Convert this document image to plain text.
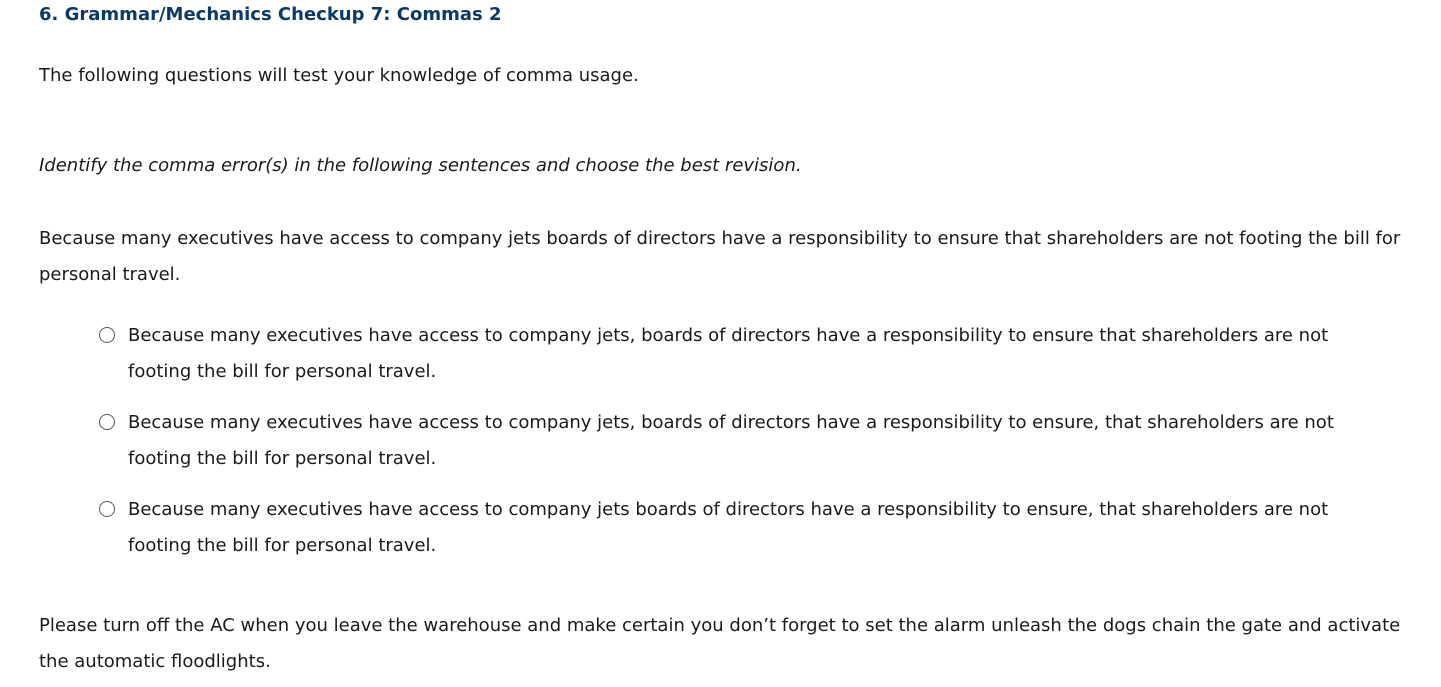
6. Grammar/Mechanics Checkup 7: Commas 2

The following questions will test your knowledge of comma usage.

Identify the comma error(s) in the following sentences and choose the best revision.

Because many executives have access to company jets boards of directors have a responsibility to ensure that shareholders are not footing the bill for personal travel.

Because many executives have access to company jets, boards of directors have a responsibility to ensure that shareholders are not footing the bill for personal travel.
Because many executives have access to company jets, boards of directors have a responsibility to ensure, that shareholders are not footing the bill for personal travel.
Because many executives have access to company jets boards of directors have a responsibility to ensure, that shareholders are not footing the bill for personal travel.

Please turn off the AC when you leave the warehouse and make certain you don’t forget to set the alarm unleash the dogs chain the gate and activate the automatic floodlights.
